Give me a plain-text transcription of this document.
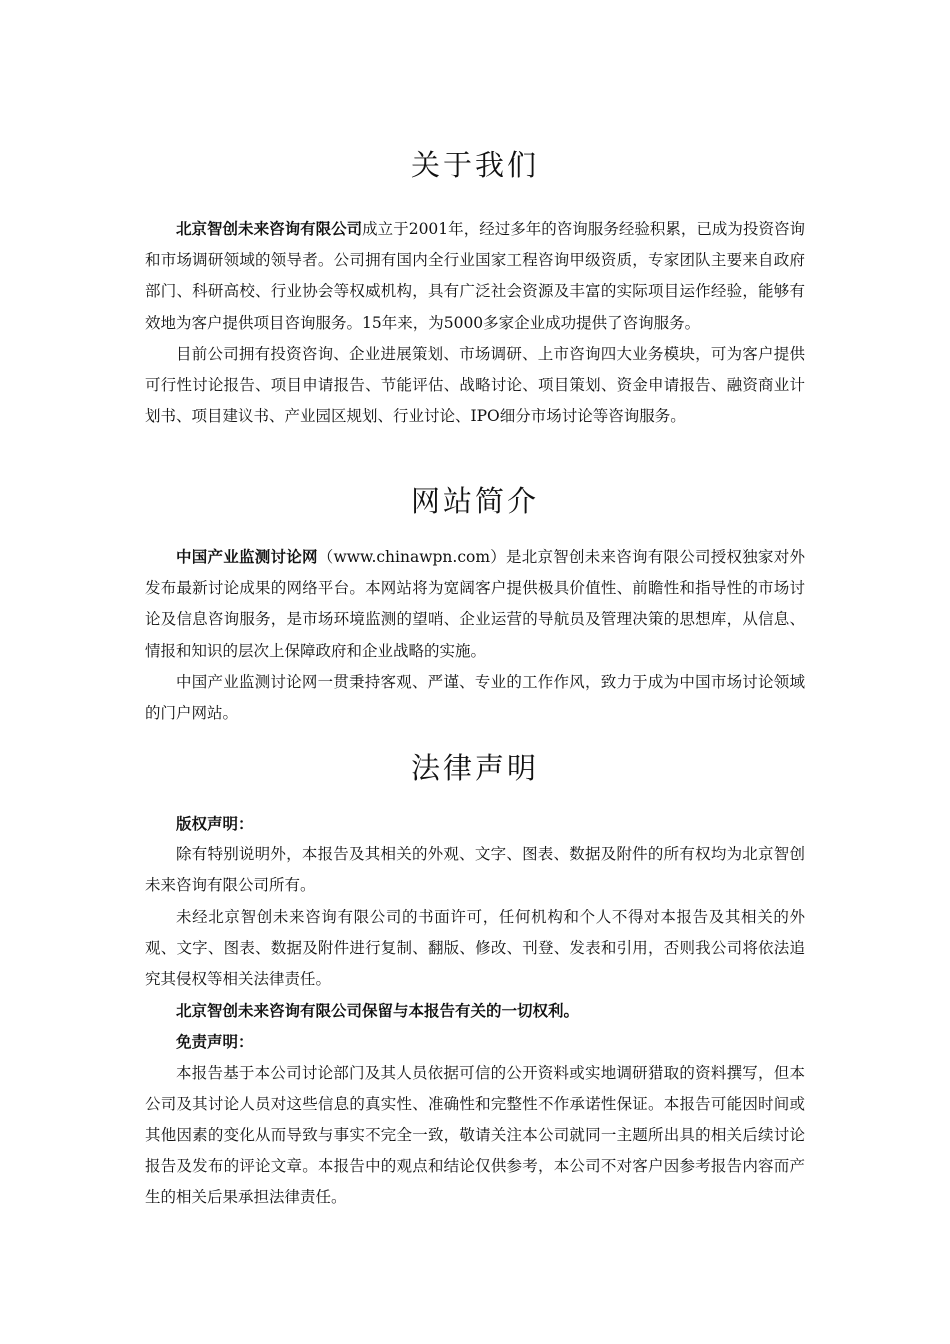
关于我们

北京智创未来咨询有限公司成立于2001年，经过多年的咨询服务经验积累，已成为投资咨询和市场调研领域的领导者。公司拥有国内全行业国家工程咨询甲级资质，专家团队主要来自政府部门、科研高校、行业协会等权威机构，具有广泛社会资源及丰富的实际项目运作经验，能够有效地为客户提供项目咨询服务。15年来，为5000多家企业成功提供了咨询服务。

目前公司拥有投资咨询、企业进展策划、市场调研、上市咨询四大业务模块，可为客户提供可行性讨论报告、项目申请报告、节能评估、战略讨论、项目策划、资金申请报告、融资商业计划书、项目建议书、产业园区规划、行业讨论、IPO细分市场讨论等咨询服务。

网站简介

中国产业监测讨论网（www.chinawpn.com）是北京智创未来咨询有限公司授权独家对外发布最新讨论成果的网络平台。本网站将为宽阔客户提供极具价值性、前瞻性和指导性的市场讨论及信息咨询服务，是市场环境监测的望哨、企业运营的导航员及管理决策的思想库，从信息、情报和知识的层次上保障政府和企业战略的实施。

中国产业监测讨论网一贯秉持客观、严谨、专业的工作作风，致力于成为中国市场讨论领域的门户网站。

法律声明
版权声明：

除有特别说明外，本报告及其相关的外观、文字、图表、数据及附件的所有权均为北京智创未来咨询有限公司所有。

未经北京智创未来咨询有限公司的书面许可，任何机构和个人不得对本报告及其相关的外观、文字、图表、数据及附件进行复制、翻版、修改、刊登、发表和引用，否则我公司将依法追究其侵权等相关法律责任。

北京智创未来咨询有限公司保留与本报告有关的一切权利。
免责声明：

本报告基于本公司讨论部门及其人员依据可信的公开资料或实地调研猎取的资料撰写，但本公司及其讨论人员对这些信息的真实性、准确性和完整性不作承诺性保证。本报告可能因时间或其他因素的变化从而导致与事实不完全一致，敬请关注本公司就同一主题所出具的相关后续讨论报告及发布的评论文章。本报告中的观点和结论仅供参考，本公司不对客户因参考报告内容而产生的相关后果承担法律责任。
